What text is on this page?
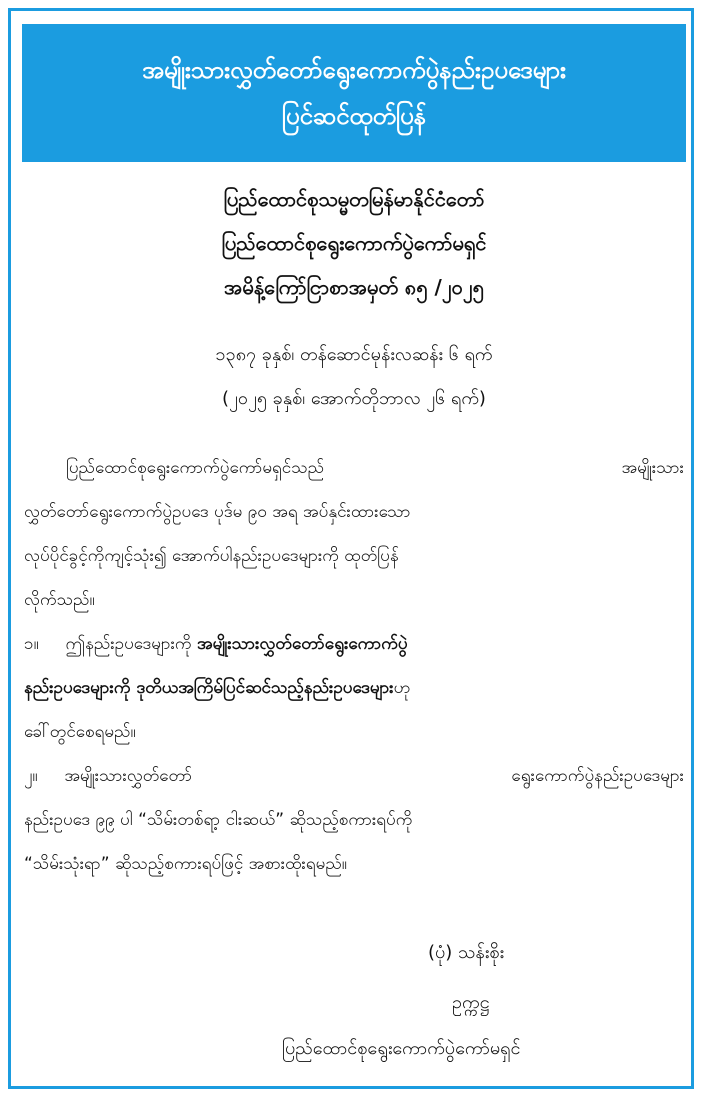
အမျိုးသားလွှတ်တော်ရွေးကောက်ပွဲနည်းဥပဒေများ
ပြင်ဆင်ထုတ်ပြန်
ပြည်ထောင်စုသမ္မတမြန်မာနိုင်ငံတော်
ပြည်ထောင်စုရွေးကောက်ပွဲကော်မရှင်
အမိန့်ကြော်ငြာစာအမှတ် ၈၅ /၂၀၂၅
၁၃၈၇ ခုနှစ်၊ တန်ဆောင်မုန်းလဆန်း ၆ ရက်
(၂၀၂၅ ခုနှစ်၊ အောက်တိုဘာလ ၂၆ ရက်)
ပြည်ထောင်စုရွေးကောက်ပွဲကော်မရှင်သည်	အမျိုးသား
လွှတ်တော်ရွေးကောက်ပွဲဥပဒေ ပုဒ်မ ၉၀ အရ အပ်နှင်းထားသော
လုပ်ပိုင်ခွင့်ကိုကျင့်သုံး၍ အောက်ပါနည်းဥပဒေများကို ထုတ်ပြန်
လိုက်သည်။
၁။ ဤနည်းဥပဒေများကို အမျိုးသားလွှတ်တော်ရွေးကောက်ပွဲ
နည်းဥပဒေများကို ဒုတိယအကြိမ်ပြင်ဆင်သည့်နည်းဥပဒေများဟု
ခေါ်တွင်စေရမည်။
၂။ အမျိုးသားလွှတ်တော်	ရွေးကောက်ပွဲနည်းဥပဒေများ
နည်းဥပဒေ ၉၉ ပါ “သိမ်းတစ်ရာ့ ငါးဆယ်” ဆိုသည့်စကားရပ်ကို
“သိမ်းသုံးရာ” ဆိုသည့်စကားရပ်ဖြင့် အစားထိုးရမည်။
(ပုံ) သန်းစိုး
ဥက္ကဋ္ဌ
ပြည်ထောင်စုရွေးကောက်ပွဲကော်မရှင်
